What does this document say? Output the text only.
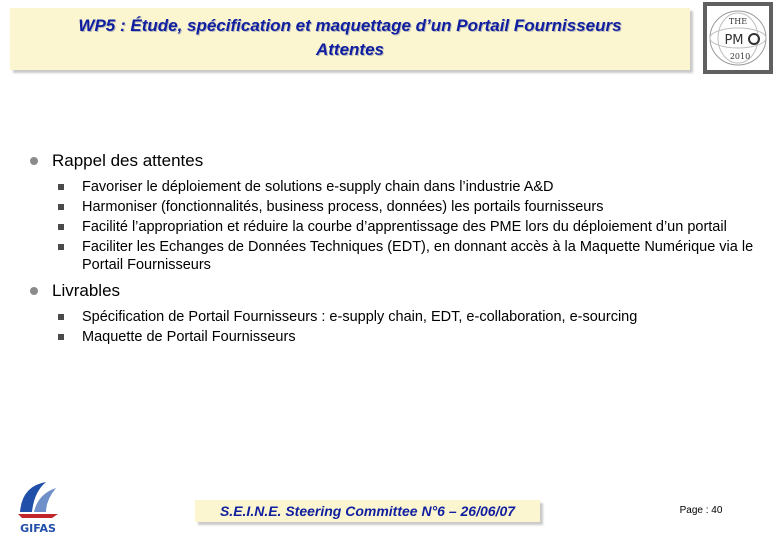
WP5 : Étude, spécification et maquettage d’un Portail Fournisseurs
Attentes
THE
PM
2010
Rappel des attentes
Favoriser le déploiement de solutions e-supply chain dans l’industrie A&D
Harmoniser (fonctionnalités, business process, données) les portails fournisseurs
Facilité l’appropriation et réduire la courbe d’apprentissage des PME lors du déploiement d’un portail
Faciliter les Echanges de Données Techniques (EDT), en donnant accès à la Maquette Numérique via le Portail Fournisseurs
Livrables
Spécification de Portail Fournisseurs : e-supply chain, EDT, e-collaboration, e-sourcing
Maquette de Portail Fournisseurs
GIFAS
S.E.I.N.E. Steering Committee N°6 – 26/06/07	Page : 40
